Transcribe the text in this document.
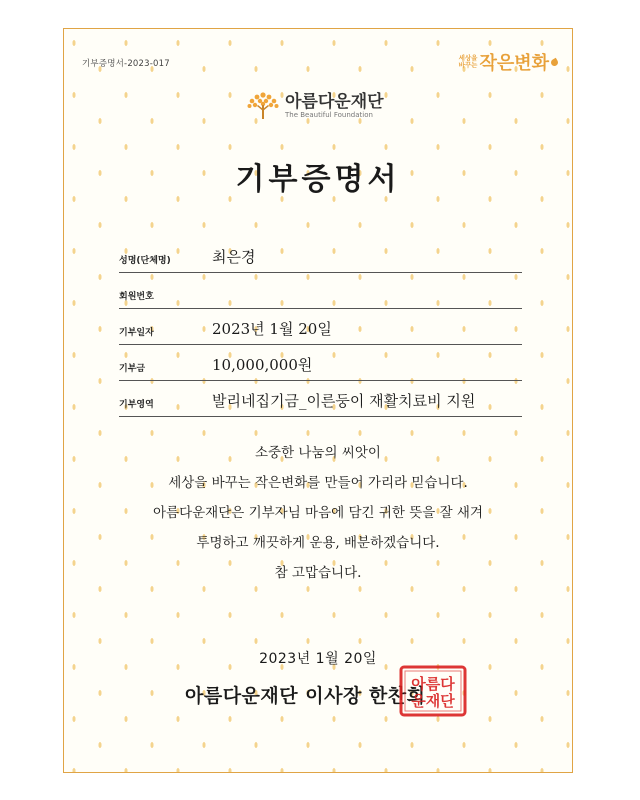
기부증명서-2023-017
세상을
바꾸는 작은변화
아름다운재단
The Beautiful Foundation
기부증명서
성명(단체명)	최은경
회원번호
기부일자	2023년 1월 20일
기부금	10,000,000원
기부영역	발리네집기금_이른둥이 재활치료비 지원
소중한 나눔의 씨앗이
세상을 바꾸는 작은변화를 만들어 가리라 믿습니다.
아름다운재단은 기부자님 마음에 담긴 귀한 뜻을 잘 새겨
투명하고 깨끗하게 운용, 배분하겠습니다.
참 고맙습니다.
2023년 1월 20일
아름다운재단 이사장 한찬희
아름다
운재단
